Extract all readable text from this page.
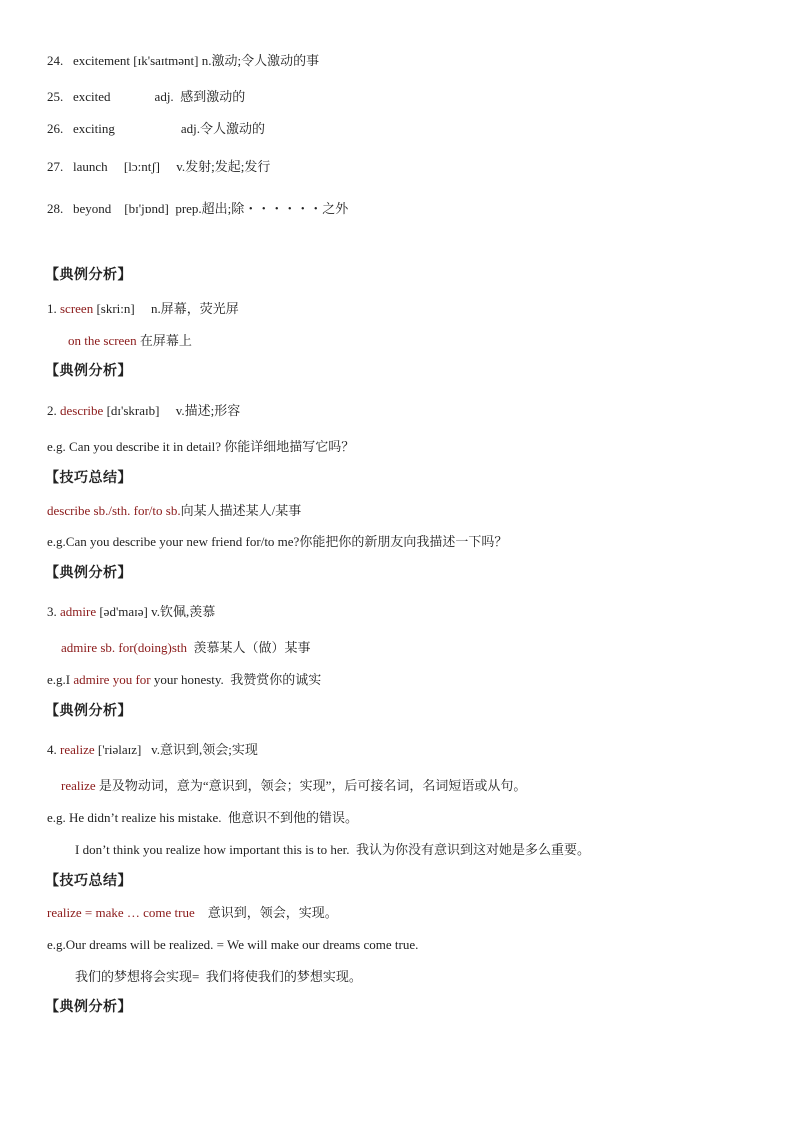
24. excitement [ɪk'saɪtmənt] n.激动;令人激动的事
25. excited	adj. 感到激动的
26. exciting	adj.令人激动的
27. launch [lɔ:ntʃ] v.发射;发起;发行
28. beyond [bɪ'jɒnd] prep.超出;除・・・・・・之外
【典例分析】
1. screen [skri:n] n.屏幕，荧光屏
on the screen 在屏幕上
【典例分析】
2. describe [dɪ'skraɪb] v.描述;形容
e.g. Can you describe it in detail? 你能详细地描写它吗？
【技巧总结】
describe sb./sth. for/to sb.向某人描述某人/某事
e.g.Can you describe your new friend for/to me?你能把你的新朋友向我描述一下吗？
【典例分析】
3. admire [əd'maɪə] v.钦佩,羡慕
admire sb. for(doing)sth 羡慕某人（做）某事
e.g.I admire you for your honesty.  我赞赏你的诚实
【典例分析】
4. realize ['riəlaɪz] v.意识到,领会;实现
realize 是及物动词，意为“意识到，领会；实现”，后可接名词，名词短语或从句。
e.g. He didn’t realize his mistake.  他意识不到他的错误。
I don’t think you realize how important this is to her.  我认为你没有意识到这对她是多么重要。
【技巧总结】
realize = make … come true 意识到，领会，实现。
e.g.Our dreams will be realized. = We will make our dreams come true.
我们的梦想将会实现=  我们将使我们的梦想实现。
【典例分析】
